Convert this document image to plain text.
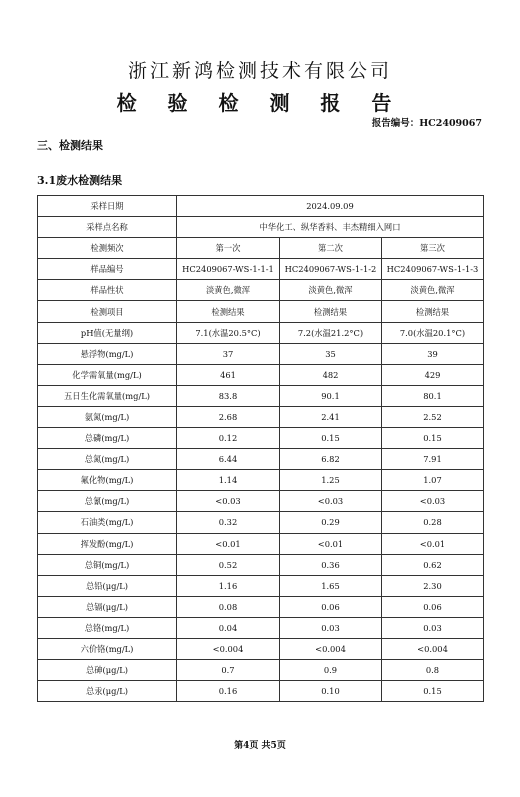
浙江新鸿检测技术有限公司
检 验 检 测 报 告
报告编号：HC2409067
三、检测结果
3.1废水检测结果
采样日期	2024.09.09		
采样点名称	中华化工、纵华香料、丰杰精细入网口		
检测频次	第一次	第二次	第三次
样品编号	HC2409067-WS-1-1-1	HC2409067-WS-1-1-2	HC2409067-WS-1-1-3
样品性状	淡黄色,微浑	淡黄色,微浑	淡黄色,微浑
检测项目	检测结果	检测结果	检测结果
pH值(无量纲)	7.1(水温20.5°C)	7.2(水温21.2°C)	7.0(水温20.1°C)
悬浮物(mg/L)	37	35	39
化学需氧量(mg/L)	461	482	429
五日生化需氧量(mg/L)	83.8	90.1	80.1
氨氮(mg/L)	2.68	2.41	2.52
总磷(mg/L)	0.12	0.15	0.15
总氮(mg/L)	6.44	6.82	7.91
氟化物(mg/L)	1.14	1.25	1.07
总氰(mg/L)	<0.03	<0.03	<0.03
石油类(mg/L)	0.32	0.29	0.28
挥发酚(mg/L)	<0.01	<0.01	<0.01
总铜(mg/L)	0.52	0.36	0.62
总铅(μg/L)	1.16	1.65	2.30
总镉(μg/L)	0.08	0.06	0.06
总铬(mg/L)	0.04	0.03	0.03
六价铬(mg/L)	<0.004	<0.004	<0.004
总砷(μg/L)	0.7	0.9	0.8
总汞(μg/L)	0.16	0.10	0.15
第4页 共5页
